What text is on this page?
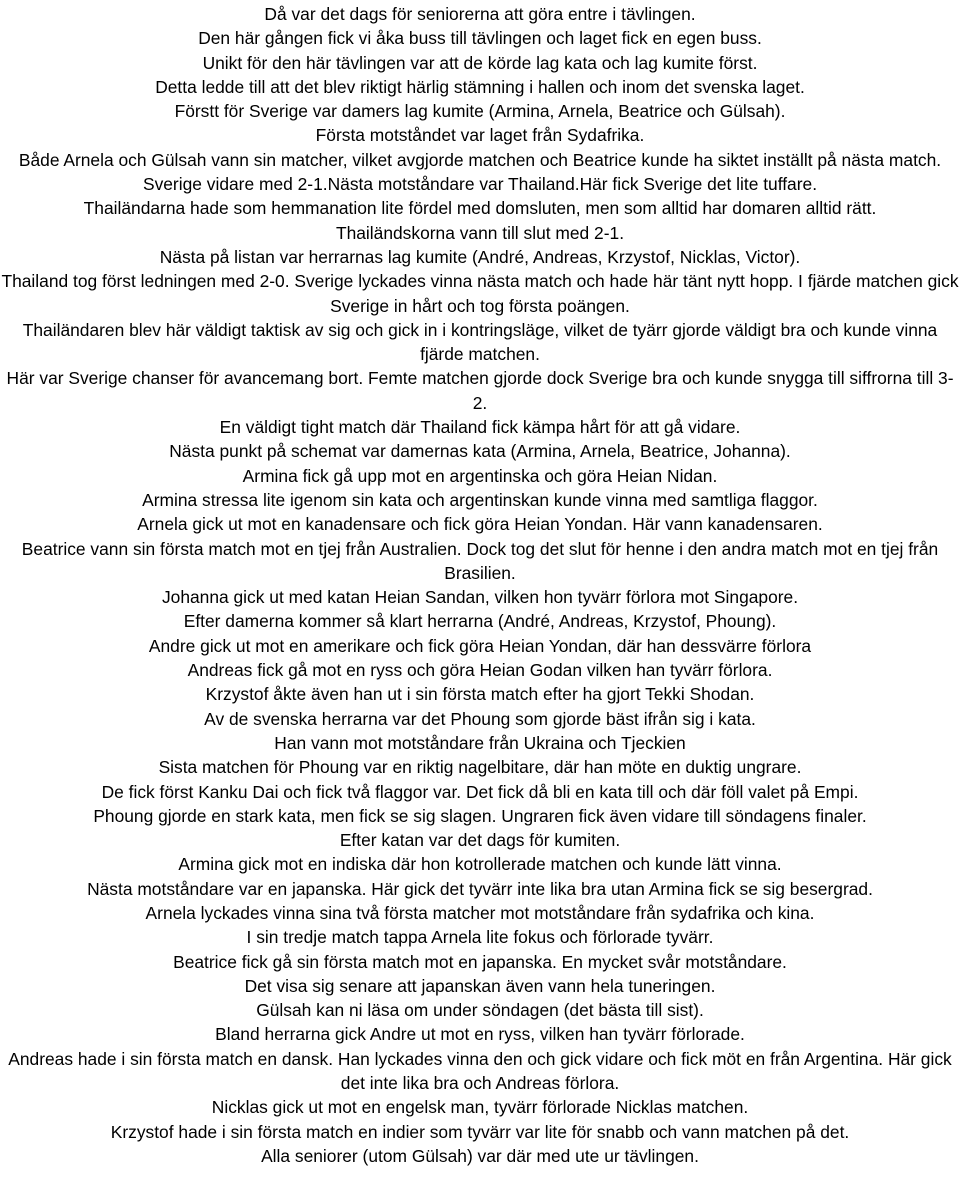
Då var det dags för seniorerna att göra entre i tävlingen.

Den här gången fick vi åka buss till tävlingen och laget fick en egen buss.

Unikt för den här tävlingen var att de körde lag kata och lag kumite först.

Detta ledde till att det blev riktigt härlig stämning i hallen och inom det svenska laget.

Förstt för Sverige var damers lag kumite (Armina, Arnela, Beatrice och Gülsah).

Första motståndet var laget från Sydafrika.

Både Arnela och Gülsah vann sin matcher, vilket avgjorde matchen och Beatrice kunde ha siktet inställt på nästa match.

Sverige vidare med 2-1.Nästa motståndare var Thailand.Här fick Sverige det lite tuffare.

Thailändarna hade som hemmanation lite fördel med domsluten, men som alltid har domaren alltid rätt.

Thailändskorna vann till slut med 2-1.

Nästa på listan var herrarnas lag kumite (André, Andreas, Krzystof, Nicklas, Victor).

Thailand tog först ledningen med 2-0. Sverige lyckades vinna nästa match och hade här tänt nytt hopp. I fjärde matchen gick Sverige in hårt och tog första poängen.

Thailändaren blev här väldigt taktisk av sig och gick in i kontringsläge, vilket de tyärr gjorde väldigt bra och kunde vinna fjärde matchen.

Här var Sverige chanser för avancemang bort. Femte matchen gjorde dock Sverige bra och kunde snygga till siffrorna till 3-2.

En väldigt tight match där Thailand fick kämpa hårt för att gå vidare.

Nästa punkt på schemat var damernas kata (Armina, Arnela, Beatrice, Johanna).

Armina fick gå upp mot en argentinska och göra Heian Nidan.

Armina stressa lite igenom sin kata och argentinskan kunde vinna med samtliga flaggor.

Arnela gick ut mot en kanadensare och fick göra Heian Yondan. Här vann kanadensaren.

Beatrice vann sin första match mot en tjej från Australien. Dock tog det slut för henne i den andra match mot en tjej från Brasilien.

Johanna gick ut med katan Heian Sandan, vilken hon tyvärr förlora mot Singapore.

Efter damerna kommer så klart herrarna (André, Andreas, Krzystof, Phoung).

Andre gick ut mot en amerikare och fick göra Heian Yondan, där han dessvärre förlora

Andreas fick gå mot en ryss och göra Heian Godan vilken han tyvärr förlora.

Krzystof åkte även han ut i sin första match efter ha gjort Tekki Shodan.

Av de svenska herrarna var det Phoung som gjorde bäst ifrån sig i kata.

Han vann mot motståndare från Ukraina och Tjeckien

Sista matchen för Phoung var en riktig nagelbitare, där han möte en duktig ungrare.

De fick först Kanku Dai och fick två flaggor var. Det fick då bli en kata till och där föll valet på Empi.

Phoung gjorde en stark kata, men fick se sig slagen. Ungraren fick även vidare till söndagens finaler.

Efter katan var det dags för kumiten.

Armina gick mot en indiska där hon kotrollerade matchen och kunde lätt vinna.

Nästa motståndare var en japanska. Här gick det tyvärr inte lika bra utan Armina fick se sig besergrad.

Arnela lyckades vinna sina två första matcher mot motståndare från sydafrika och kina.

I sin tredje match tappa Arnela lite fokus och förlorade tyvärr.

Beatrice fick gå sin första match mot en japanska. En mycket svår motståndare.

Det visa sig senare att japanskan även vann hela tuneringen.

Gülsah kan ni läsa om under söndagen (det bästa till sist).

Bland herrarna gick Andre ut mot en ryss, vilken han tyvärr förlorade.

Andreas hade i sin första match en dansk. Han lyckades vinna den och gick vidare och fick möt en från Argentina. Här gick det inte lika bra och Andreas förlora.

Nicklas gick ut mot en engelsk man, tyvärr förlorade Nicklas matchen.

Krzystof hade i sin första match en indier som tyvärr var lite för snabb och vann matchen på det.

Alla seniorer (utom Gülsah) var där med ute ur tävlingen.
